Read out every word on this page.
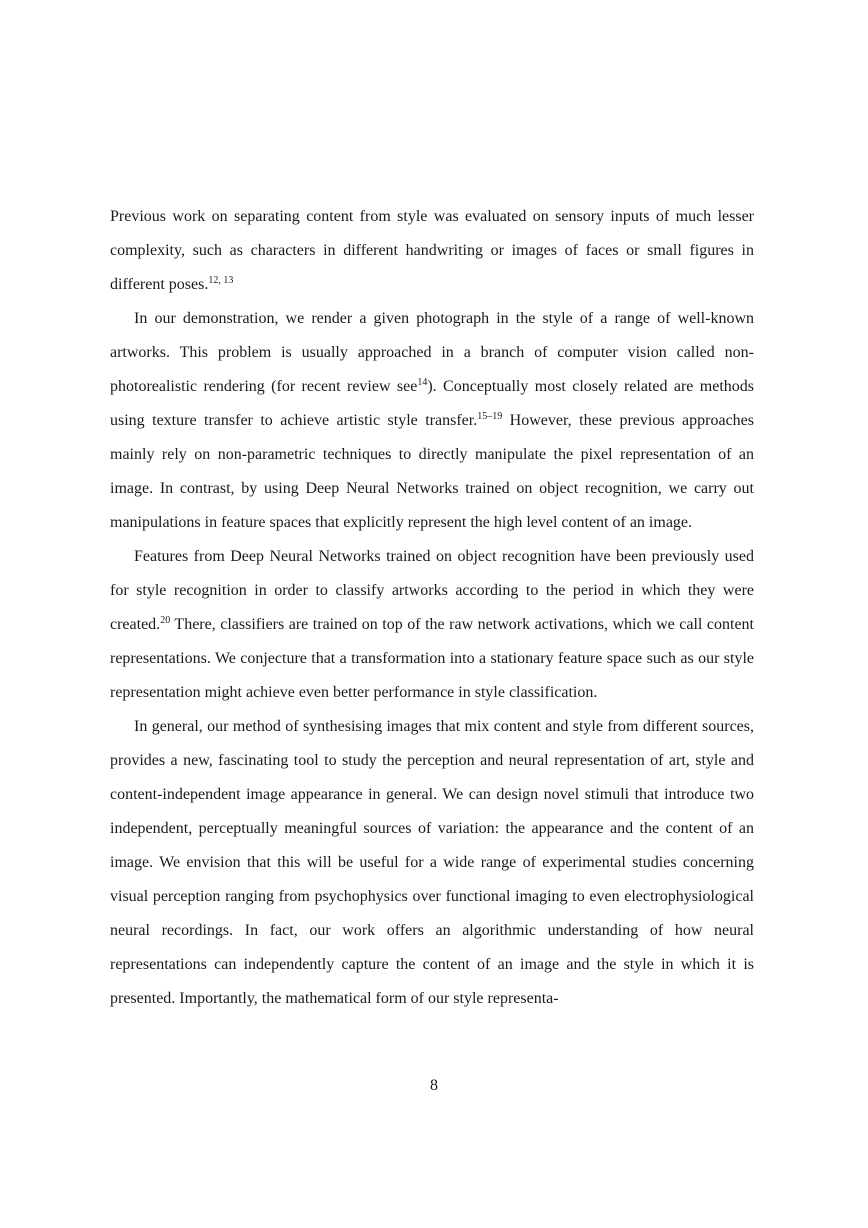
Previous work on separating content from style was evaluated on sensory inputs of much lesser complexity, such as characters in different handwriting or images of faces or small figures in different poses.$^{12, 13}$

In our demonstration, we render a given photograph in the style of a range of well-known artworks. This problem is usually approached in a branch of computer vision called non-photorealistic rendering (for recent review see$^{14}$). Conceptually most closely related are methods using texture transfer to achieve artistic style transfer.$^{15-19}$ However, these previous approaches mainly rely on non-parametric techniques to directly manipulate the pixel representation of an image. In contrast, by using Deep Neural Networks trained on object recognition, we carry out manipulations in feature spaces that explicitly represent the high level content of an image.

Features from Deep Neural Networks trained on object recognition have been previously used for style recognition in order to classify artworks according to the period in which they were created.$^{20}$ There, classifiers are trained on top of the raw network activations, which we call content representations. We conjecture that a transformation into a stationary feature space such as our style representation might achieve even better performance in style classification.

In general, our method of synthesising images that mix content and style from different sources, provides a new, fascinating tool to study the perception and neural representation of art, style and content-independent image appearance in general. We can design novel stimuli that introduce two independent, perceptually meaningful sources of variation: the appearance and the content of an image. We envision that this will be useful for a wide range of experimental studies concerning visual perception ranging from psychophysics over functional imaging to even electrophysiological neural recordings. In fact, our work offers an algorithmic understanding of how neural representations can independently capture the content of an image and the style in which it is presented. Importantly, the mathematical form of our style representa-

8
